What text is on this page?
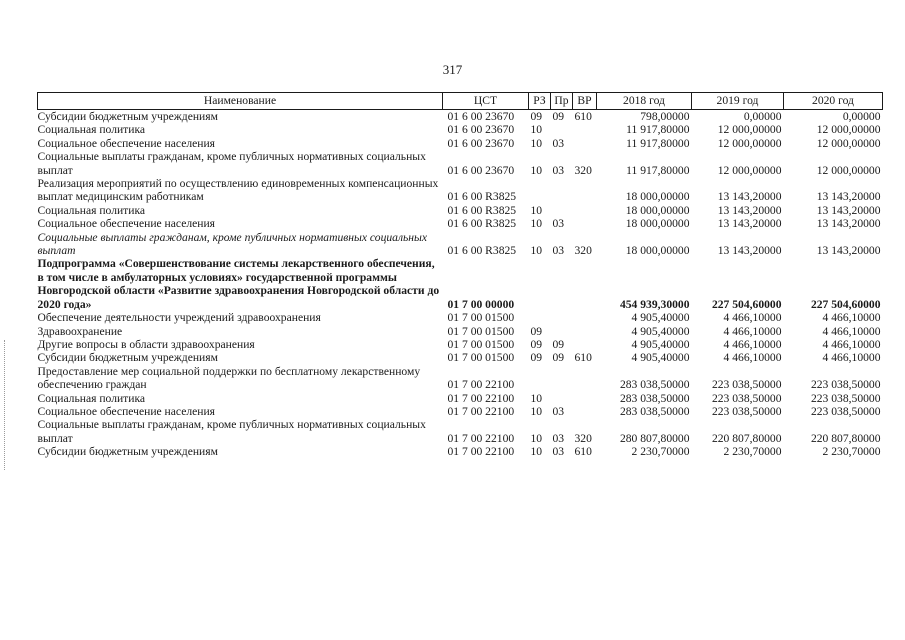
317
Наименование	ЦСТ	РЗ	Пр	ВР	2018 год	2019 год	2020 год
Субсидии бюджетным учреждениям	01 6 00 23670	09	09	610	798,00000	0,00000	0,00000
Социальная политика	01 6 00 23670	10			11 917,80000	12 000,00000	12 000,00000
Социальное обеспечение населения	01 6 00 23670	10	03		11 917,80000	12 000,00000	12 000,00000
Социальные выплаты гражданам, кроме публичных нормативных социальных выплат	01 6 00 23670	10	03	320	11 917,80000	12 000,00000	12 000,00000
Реализация мероприятий по осуществлению единовременных компенсационных выплат медицинским работникам	01 6 00 R3825				18 000,00000	13 143,20000	13 143,20000
Социальная политика	01 6 00 R3825	10			18 000,00000	13 143,20000	13 143,20000
Социальное обеспечение населения	01 6 00 R3825	10	03		18 000,00000	13 143,20000	13 143,20000
Социальные выплаты гражданам, кроме публичных нормативных социальных выплат	01 6 00 R3825	10	03	320	18 000,00000	13 143,20000	13 143,20000
Подпрограмма «Совершенствование системы лекарственного обеспечения, в том числе в амбулаторных условиях» государственной программы Новгородской области «Развитие здравоохранения Новгородской области до 2020 года»	01 7 00 00000				454 939,30000	227 504,60000	227 504,60000
Обеспечение деятельности учреждений здравоохранения	01 7 00 01500				4 905,40000	4 466,10000	4 466,10000
Здравоохранение	01 7 00 01500	09			4 905,40000	4 466,10000	4 466,10000
Другие вопросы в области здравоохранения	01 7 00 01500	09	09		4 905,40000	4 466,10000	4 466,10000
Субсидии бюджетным учреждениям	01 7 00 01500	09	09	610	4 905,40000	4 466,10000	4 466,10000
Предоставление мер социальной поддержки по бесплатному лекарственному обеспечению граждан	01 7 00 22100				283 038,50000	223 038,50000	223 038,50000
Социальная политика	01 7 00 22100	10			283 038,50000	223 038,50000	223 038,50000
Социальное обеспечение населения	01 7 00 22100	10	03		283 038,50000	223 038,50000	223 038,50000
Социальные выплаты гражданам, кроме публичных нормативных социальных выплат	01 7 00 22100	10	03	320	280 807,80000	220 807,80000	220 807,80000
Субсидии бюджетным учреждениям	01 7 00 22100	10	03	610	2 230,70000	2 230,70000	2 230,70000
